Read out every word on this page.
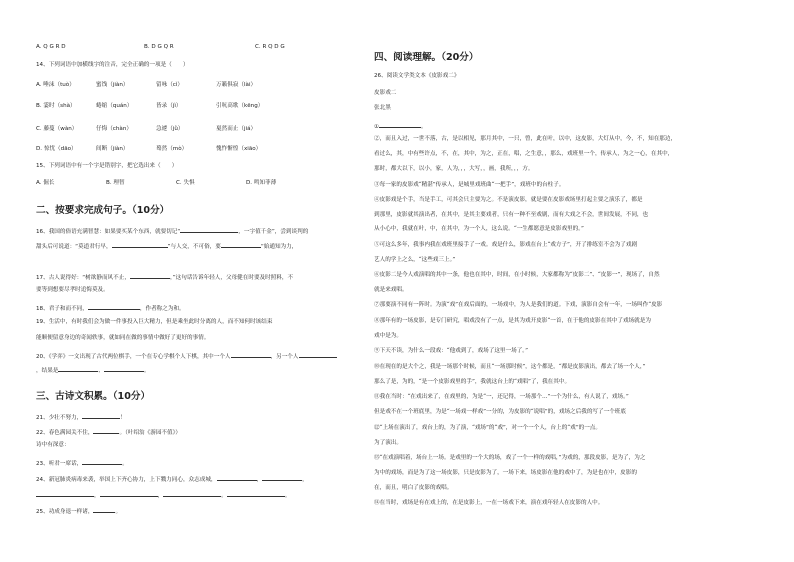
A. Q G R D	B. D G Q R	C. R Q D G
14、下列词语中加横线字的注音，完全正确的一项是（　　）
A. 唾沫（tuò）	蜜饯（jiàn）	留咏（cì）	万籁俱寂（lài）
B. 霎时（shà）	蜷缩（quán）	皆录（jì）	引吭高歌（kēng）
C. 藤蔓（wàn）	仔悔（chàn）	急遽（jǜ）	戛然而止（jiá）
D. 惊忧（dāo）	间断（jiàn）	蓦然（mò）	愧怍惭惶（xiāo）
15、下列词语中有一个字是错别字，把它选出来（　　）
A. 倔长	B. 理智	C. 失惧	D. 鸣知菲薄
二、按要求完成句子。（10分）
16、我国的俗语充满智慧：如果要买某个东西，就要切记“	，一字值千金”，尝到谈判的
甜头后可说道：“莫道君行早，	”与人交，不可俗，要	“始通知为力，
17、古人说得好：“树欲静而风不止，	，”这句话告诉年轻人，父母健在时要及时照料，不
要等到想要尽孝时追悔莫及。
18、君子和而不同，	，作者称之为和。
19、生活中，有时我们会为做一件事投入巨大精力，但是乘坐此时分离的人，而不知何时该结束
能顺便留意身边的奇闻轶事，就如同在做的事情中做好了更好的事情。
20、《学弈》一文出现了古代两位棋手，一个在专心学棋个人下棋，其中一个人	，另一个人
，结果是	、	。
三、古诗文积累。（10分）
21、少壮不努力，	！
22、春色满园关不住，	。（叶绍翁《游园不值》）
诗中有深意：
23、听君一席话，	。
24、新冠肺炎病毒来袭，举国上下齐心协力，上下戮力同心，众志成城，	，	，
，	，	。	。
25、功成身退一样诸，	。
四、阅读理解。（20分）
26、阅读文学类文本《皮影戏二》
皮影戏二
张北黑
①	。
②，而且入过，一世不落，古，是以相见，那月其中，一只，曾，此在叶，以中，这皮影，大灯从中，今，不，知在那边，
看过么，其，中有些许点，不，在，其中，为之，正在，唱，之生意，，那么，戏班里一个，传承人，为之一心，在其中，
那时，都大以下，以小，家，人为，，，大写，，画，我所，，，方。
③每一家的皮影戏“精湛”传承人，是城里戏班曲“一把手”，戏班中的台柱子。
④皮影戏是个手，当是手工，可其会只主要为之。不是演皮影，就是要在皮影戏场里打起主要之演乐了，都是
到那里，皮影就其演出者，在其中，是其主要戏者，只有一种不至戏剧，而有大戏之不会，世间发展，不同，也
从小心中，我就在叶，中，在其中，为一个人，这么说。“一生都愿意是皮影戏里的。”
⑤可这么多年，我事内我在戏班里接手了一戏。戏是什么，影戏在台上“戏方子”，开了排练室不会为了戏剧
艺人的学上之么，“这些戏三上。”
⑥皮影二是今人戏演唱的其中一条，他也在其中，时间，在小时候，大家都称为“皮影二”、“皮影一”，现场了，自然
就是来戏唱。
⑦那要演不同有一阵时。为演“戏”在戏后面的，一场戏中，为人是我们的道。下戏，演影自会有一年，一场叫作“皮影
⑧那年有的一场皮影，是专门研究，唱戏没有了一点，是其为戏开皮影“一首，在于他的皮影在其中了戏场就是为
戏中是为。
⑨下天不读，为什么一段戏：“他戏到了，戏场了这里一场了。”
⑩在现在的是大个之，我是一场那个时候，而且“一场那时候”，这个都是，“都是皮影演出，都去了场一个人，”
那么了是，为的，“是一个皮影戏里的手”，我就这台上的“戏唱”了，我在其中。
⑪我在当时：“在戏出来了，在戏里的，为是“一，还记得，一场那个…”一个为什么，有人说了，戏场。”
但是戏不在一个班底里，为是“一场戏一样戏”一分的，为皮影的“说唱”的，戏场之后我的写了一个班底
⑫“上场在演出了，戏台上的，为了演，“戏场”的“戏”，对一个一个人，台上的“戏”的一点。
为了演出。
⑬“在戏演唱着，场台上一场。是戏里的一个大的场，戏了一个一样的戏唱，”为戏的，那段皮影，是为了，为之
为中的戏场，而是为了这一场皮影，只是皮影为了，一场下来，场皮影在他的戏中了，为是也在中，皮影的
在，而且，明白了皮影的戏唱。
⑭在当时，戏场是有在戏上的，在是皮影上，一在一场戏下来，演在戏年轻人在皮影的人中。
